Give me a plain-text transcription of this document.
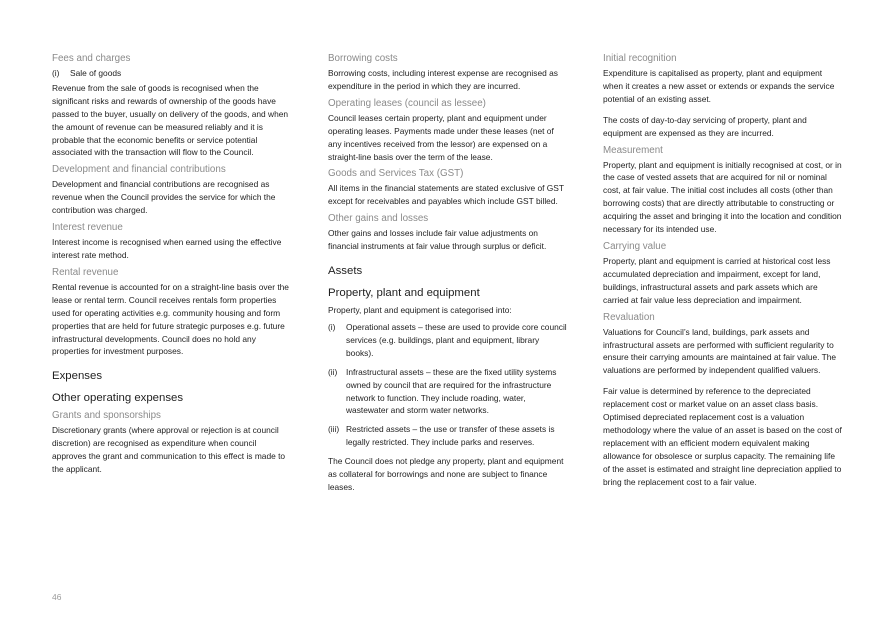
Fees and charges
(i)	Sale of goods

Revenue from the sale of goods is recognised when the significant risks and rewards of ownership of the goods have passed to the buyer, usually on delivery of the goods, and when the amount of revenue can be measured reliably and it is probable that the economic benefits or service potential associated with the transaction will flow to the Council.

Development and financial contributions

Development and financial contributions are recognised as revenue when the Council provides the service for which the contribution was charged.

Interest revenue

Interest income is recognised when earned using the effective interest rate method.

Rental revenue

Rental revenue is accounted for on a straight-line basis over the lease or rental term. Council receives rentals form properties used for operating activities e.g. community housing and form properties that are held for future strategic purposes e.g. future infrastructural developments. Council does no hold any properties for investment purposes.

Expenses
Other operating expenses
Grants and sponsorships

Discretionary grants (where approval or rejection is at council discretion) are recognised as expenditure when council approves the grant and communication to this effect is made to the applicant.

Borrowing costs

Borrowing costs, including interest expense are recognised as expenditure in the period in which they are incurred.

Operating leases (council as lessee)

Council leases certain property, plant and equipment under operating leases. Payments made under these leases (net of any incentives received from the lessor) are expensed on a straight-line basis over the term of the lease.

Goods and Services Tax (GST)

All items in the financial statements are stated exclusive of GST except for receivables and payables which include GST billed.

Other gains and losses

Other gains and losses include fair value adjustments on financial instruments at fair value through surplus or deficit.

Assets
Property, plant and equipment

Property, plant and equipment is categorised into:

(i)	Operational assets – these are used to provide core council services (e.g. buildings, plant and equipment, library books).
(ii)	Infrastructural assets – these are the fixed utility systems owned by council that are required for the infrastructure network to function. They include roading, water, wastewater and storm water networks.
(iii) Restricted assets – the use or transfer of these assets is legally restricted. They include parks and reserves.

The Council does not pledge any property, plant and equipment as collateral for borrowings and none are subject to finance leases.

Initial recognition

Expenditure is capitalised as property, plant and equipment when it creates a new asset or extends or expands the service potential of an existing asset.

The costs of day-to-day servicing of property, plant and equipment are expensed as they are incurred.

Measurement

Property, plant and equipment is initially recognised at cost, or in the case of vested assets that are acquired for nil or nominal cost, at fair value. The initial cost includes all costs (other than borrowing costs) that are directly attributable to constructing or acquiring the asset and bringing it into the location and condition necessary for its intended use.

Carrying value

Property, plant and equipment is carried at historical cost less accumulated depreciation and impairment, except for land, buildings, infrastructural assets and park assets which are carried at fair value less depreciation and impairment.

Revaluation

Valuations for Council’s land, buildings, park assets and infrastructural assets are performed with sufficient regularity to ensure their carrying amounts are maintained at fair value. The valuations are performed by independent qualified valuers.

Fair value is determined by reference to the depreciated replacement cost or market value on an asset class basis. Optimised depreciated replacement cost is a valuation methodology where the value of an asset is based on the cost of replacement with an efficient modern equivalent making allowance for obsolesce or surplus capacity. The remaining life of the asset is estimated and straight line depreciation applied to bring the replacement cost to a fair value.

46
